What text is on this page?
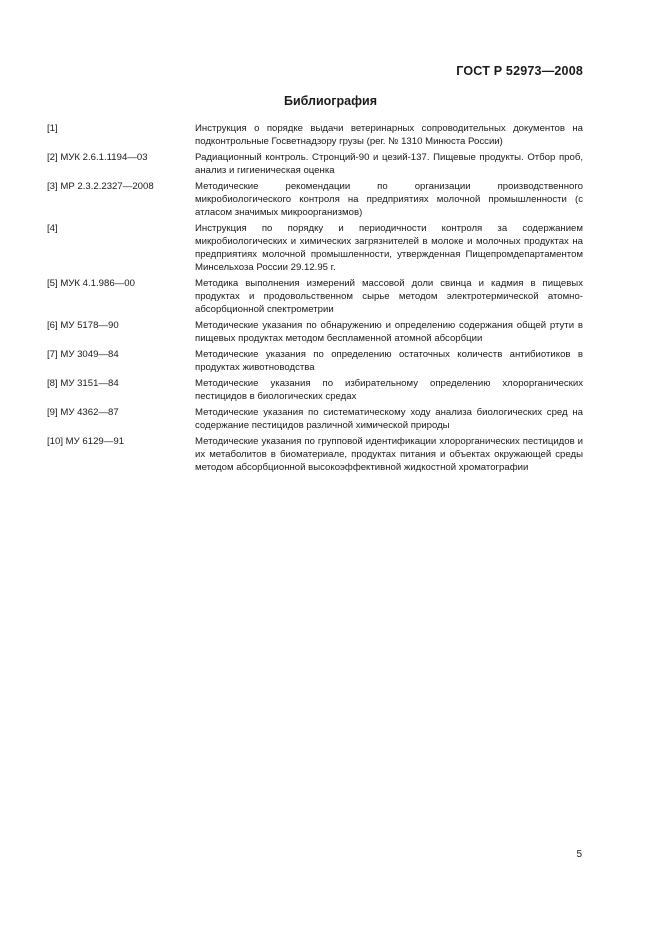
ГОСТ Р 52973—2008
Библиография
[1]	Инструкция о порядке выдачи ветеринарных сопроводительных документов на подконтрольные Госветнадзору грузы (рег. № 1310 Минюста России)
[2] МУК 2.6.1.1194—03	Радиационный контроль. Стронций-90 и цезий-137. Пищевые продукты. Отбор проб, анализ и гигиеническая оценка
[3] МР 2.3.2.2327—2008	Методические рекомендации по организации производственного микробиологического контроля на предприятиях молочной промышленности (с атласом значимых микроорганизмов)
[4]	Инструкция по порядку и периодичности контроля за содержанием микробиологических и химических загрязнителей в молоке и молочных продуктах на предприятиях молочной промышленности, утвержденная Пищепромдепартаментом Минсельхоза России 29.12.95 г.
[5] МУК 4.1.986—00	Методика выполнения измерений массовой доли свинца и кадмия в пищевых продуктах и продовольственном сырье методом электротермической атомно-абсорбционной спектрометрии
[6] МУ 5178—90	Методические указания по обнаружению и определению содержания общей ртути в пищевых продуктах методом беспламенной атомной абсорбции
[7] МУ 3049—84	Методические указания по определению остаточных количеств антибиотиков в продуктах животноводства
[8] МУ 3151—84	Методические указания по избирательному определению хлорорганических пестицидов в биологических средах
[9] МУ 4362—87	Методические указания по систематическому ходу анализа биологических сред на содержание пестицидов различной химической природы
[10] МУ 6129—91	Методические указания по групповой идентификации хлорорганических пестицидов и их метаболитов в биоматериале, продуктах питания и объектах окружающей среды методом абсорбционной высокоэффективной жидкостной хроматографии
5
